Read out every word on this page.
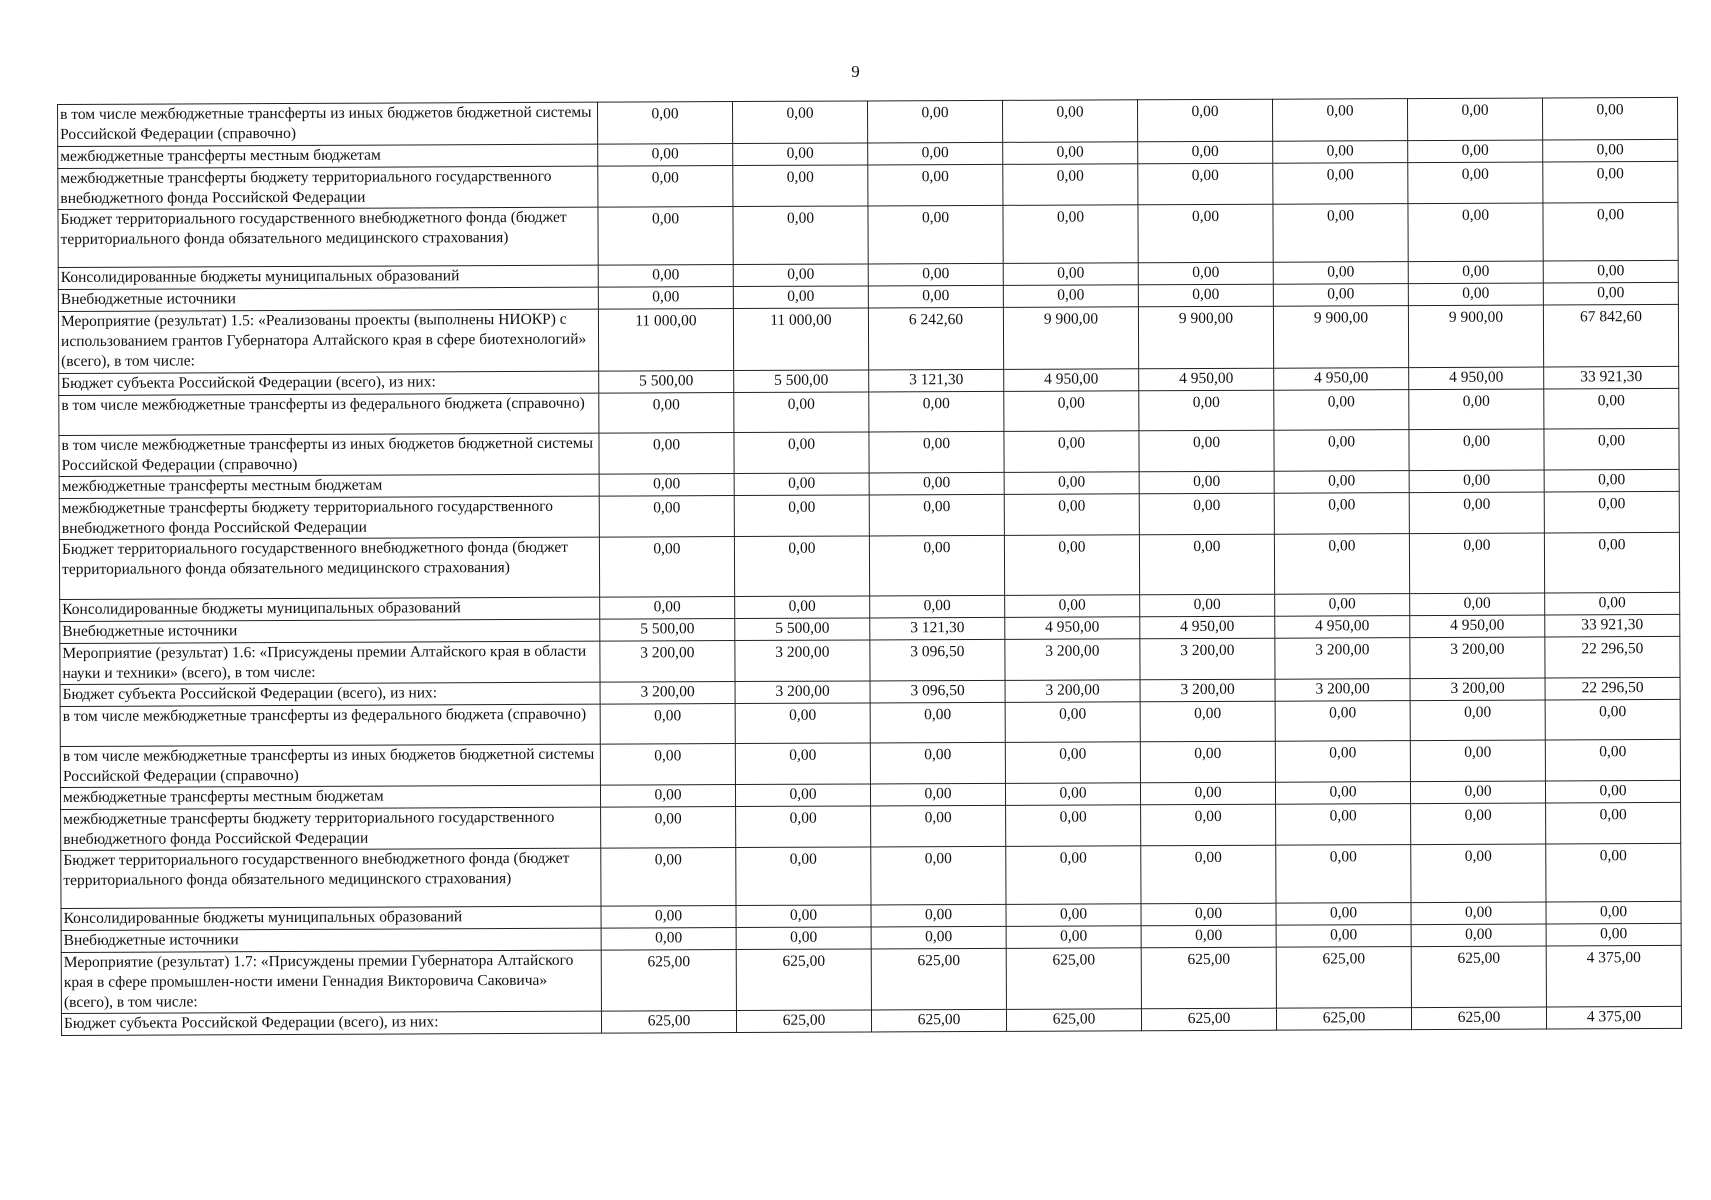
9
в том числе межбюджетные трансферты из иных бюджетов бюджетной системы Российской Федерации (справочно)	0,00	0,00	0,00	0,00	0,00	0,00	0,00	0,00
межбюджетные трансферты местным бюджетам	0,00	0,00	0,00	0,00	0,00	0,00	0,00	0,00
межбюджетные трансферты бюджету территориального государственного внебюджетного фонда Российской Федерации	0,00	0,00	0,00	0,00	0,00	0,00	0,00	0,00
Бюджет территориального государственного внебюджетного фонда (бюджет территориального фонда обязательного медицинского страхования)	0,00	0,00	0,00	0,00	0,00	0,00	0,00	0,00
Консолидированные бюджеты муниципальных образований	0,00	0,00	0,00	0,00	0,00	0,00	0,00	0,00
Внебюджетные источники	0,00	0,00	0,00	0,00	0,00	0,00	0,00	0,00
Мероприятие (результат) 1.5: «Реализованы проекты (выполнены НИОКР) с использованием грантов Губернатора Алтайского края в сфере биотехнологий» (всего), в том числе:	11 000,00	11 000,00	6 242,60	9 900,00	9 900,00	9 900,00	9 900,00	67 842,60
Бюджет субъекта Российской Федерации (всего), из них:	5 500,00	5 500,00	3 121,30	4 950,00	4 950,00	4 950,00	4 950,00	33 921,30
в том числе межбюджетные трансферты из федерального бюджета (справочно)	0,00	0,00	0,00	0,00	0,00	0,00	0,00	0,00
в том числе межбюджетные трансферты из иных бюджетов бюджетной системы Российской Федерации (справочно)	0,00	0,00	0,00	0,00	0,00	0,00	0,00	0,00
межбюджетные трансферты местным бюджетам	0,00	0,00	0,00	0,00	0,00	0,00	0,00	0,00
межбюджетные трансферты бюджету территориального государственного внебюджетного фонда Российской Федерации	0,00	0,00	0,00	0,00	0,00	0,00	0,00	0,00
Бюджет территориального государственного внебюджетного фонда (бюджет территориального фонда обязательного медицинского страхования)	0,00	0,00	0,00	0,00	0,00	0,00	0,00	0,00
Консолидированные бюджеты муниципальных образований	0,00	0,00	0,00	0,00	0,00	0,00	0,00	0,00
Внебюджетные источники	5 500,00	5 500,00	3 121,30	4 950,00	4 950,00	4 950,00	4 950,00	33 921,30
Мероприятие (результат) 1.6: «Присуждены премии Алтайского края в области науки и техники» (всего), в том числе:	3 200,00	3 200,00	3 096,50	3 200,00	3 200,00	3 200,00	3 200,00	22 296,50
Бюджет субъекта Российской Федерации (всего), из них:	3 200,00	3 200,00	3 096,50	3 200,00	3 200,00	3 200,00	3 200,00	22 296,50
в том числе межбюджетные трансферты из федерального бюджета (справочно)	0,00	0,00	0,00	0,00	0,00	0,00	0,00	0,00
в том числе межбюджетные трансферты из иных бюджетов бюджетной системы Российской Федерации (справочно)	0,00	0,00	0,00	0,00	0,00	0,00	0,00	0,00
межбюджетные трансферты местным бюджетам	0,00	0,00	0,00	0,00	0,00	0,00	0,00	0,00
межбюджетные трансферты бюджету территориального государственного внебюджетного фонда Российской Федерации	0,00	0,00	0,00	0,00	0,00	0,00	0,00	0,00
Бюджет территориального государственного внебюджетного фонда (бюджет территориального фонда обязательного медицинского страхования)	0,00	0,00	0,00	0,00	0,00	0,00	0,00	0,00
Консолидированные бюджеты муниципальных образований	0,00	0,00	0,00	0,00	0,00	0,00	0,00	0,00
Внебюджетные источники	0,00	0,00	0,00	0,00	0,00	0,00	0,00	0,00
Мероприятие (результат) 1.7: «Присуждены премии Губернатора Алтайского края в сфере промышлен-ности имени Геннадия Викторовича Саковича» (всего), в том числе:	625,00	625,00	625,00	625,00	625,00	625,00	625,00	4 375,00
Бюджет субъекта Российской Федерации (всего), из них:	625,00	625,00	625,00	625,00	625,00	625,00	625,00	4 375,00
